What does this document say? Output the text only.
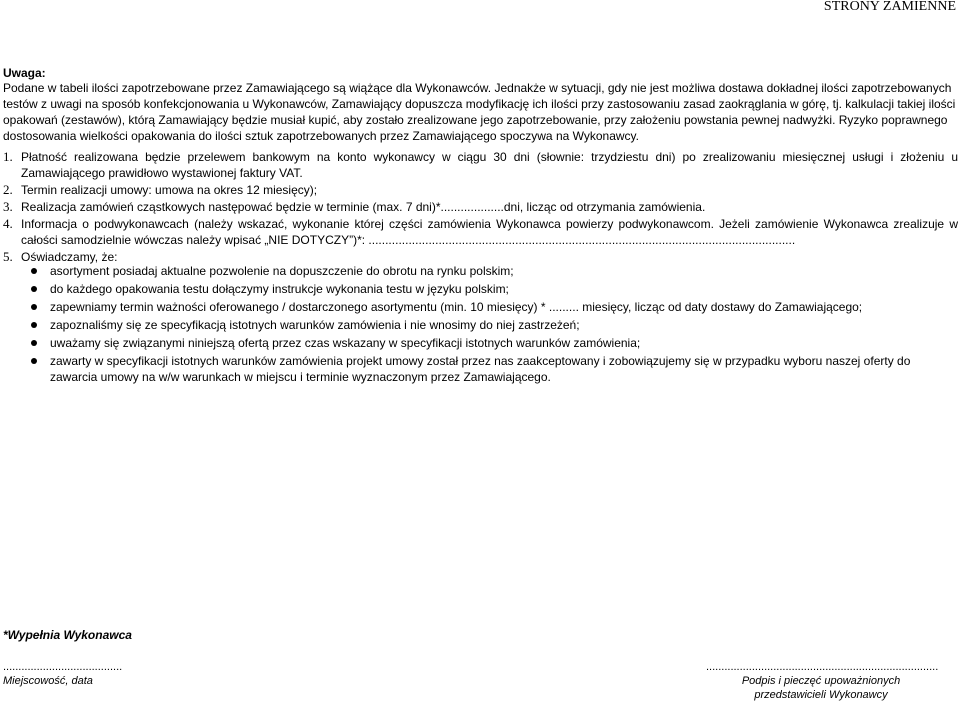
STRONY ZAMIENNE
Uwaga:
Podane w tabeli ilości zapotrzebowane przez Zamawiającego są wiążące dla Wykonawców. Jednakże w sytuacji, gdy nie jest możliwa dostawa dokładnej ilości zapotrzebowanych testów z uwagi na sposób konfekcjonowania u Wykonawców, Zamawiający dopuszcza modyfikację ich ilości przy zastosowaniu zasad zaokrąglania w górę, tj. kalkulacji takiej ilości opakowań (zestawów), którą Zamawiający będzie musiał kupić, aby zostało zrealizowane jego zapotrzebowanie, przy założeniu powstania pewnej nadwyżki. Ryzyko poprawnego dostosowania wielkości opakowania do ilości sztuk zapotrzebowanych przez Zamawiającego spoczywa na Wykonawcy.
1. Płatność realizowana będzie przelewem bankowym na konto wykonawcy w ciągu 30 dni (słownie: trzydziestu dni) po zrealizowaniu miesięcznej usługi i złożeniu u Zamawiającego prawidłowo wystawionej faktury VAT.
2. Termin realizacji umowy: umowa na okres 12 miesięcy);
3. Realizacja zamówień cząstkowych następować będzie w terminie (max. 7 dni)*...................dni, licząc od otrzymania zamówienia.
4. Informacja o podwykonawcach (należy wskazać, wykonanie której części zamówienia Wykonawca powierzy podwykonawcom. Jeżeli zamówienie Wykonawca zrealizuje w całości samodzielnie wówczas należy wpisać „NIE DOTYCZY”)*: ................................................................................................................................
5. Oświadczamy, że:
asortyment posiadaj aktualne pozwolenie na dopuszczenie do obrotu na rynku polskim;
do każdego opakowania testu dołączymy instrukcje wykonania testu w języku polskim;
zapewniamy termin ważności oferowanego / dostarczonego asortymentu (min. 10 miesięcy) * ......... miesięcy, licząc od daty dostawy do Zamawiającego;
zapoznaliśmy się ze specyfikacją istotnych warunków zamówienia i nie wnosimy do niej zastrzeżeń;
uważamy się związanymi niniejszą ofertą przez czas wskazany w specyfikacji istotnych warunków zamówienia;
zawarty w specyfikacji istotnych warunków zamówienia projekt umowy został przez nas zaakceptowany i zobowiązujemy się w przypadku wyboru naszej oferty do zawarcia umowy na w/w warunkach w miejscu i terminie wyznaczonym przez Zamawiającego.
*Wypełnia Wykonawca
.......................................
Miejscowość, data
............................................................................
Podpis i pieczęć upoważnionych przedstawicieli Wykonawcy
